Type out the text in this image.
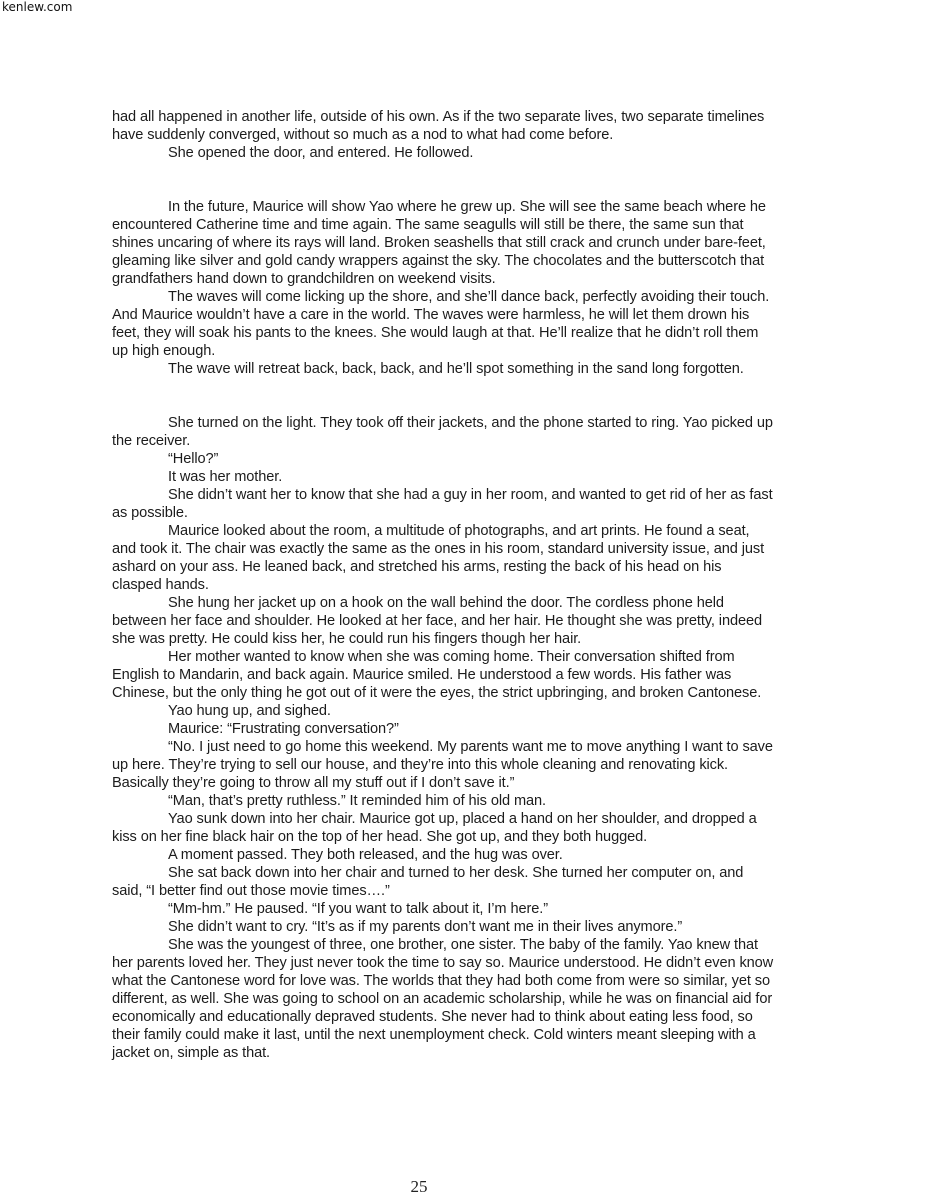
kenlew.com

had all happened in another life, outside of his own. As if the two separate lives, two separate timelines have suddenly converged, without so much as a nod to what had come before.

She opened the door, and entered. He followed.

In the future, Maurice will show Yao where he grew up. She will see the same beach where he encountered Catherine time and time again. The same seagulls will still be there, the same sun that shines uncaring of where its rays will land. Broken seashells that still crack and crunch under bare-feet, gleaming like silver and gold candy wrappers against the sky. The chocolates and the butterscotch that grandfathers hand down to grandchildren on weekend visits.

The waves will come licking up the shore, and she’ll dance back, perfectly avoiding their touch. And Maurice wouldn’t have a care in the world. The waves were harmless, he will let them drown his feet, they will soak his pants to the knees. She would laugh at that. He’ll realize that he didn’t roll them up high enough.

The wave will retreat back, back, back, and he’ll spot something in the sand long forgotten.

She turned on the light. They took off their jackets, and the phone started to ring. Yao picked up the receiver.

“Hello?”

It was her mother.

She didn’t want her to know that she had a guy in her room, and wanted to get rid of her as fast as possible.

Maurice looked about the room, a multitude of photographs, and art prints. He found a seat, and took it. The chair was exactly the same as the ones in his room, standard university issue, and just ashard on your ass. He leaned back, and stretched his arms, resting the back of his head on his clasped hands.

She hung her jacket up on a hook on the wall behind the door. The cordless phone held between her face and shoulder. He looked at her face, and her hair. He thought she was pretty, indeed she was pretty. He could kiss her, he could run his fingers though her hair.

Her mother wanted to know when she was coming home. Their conversation shifted from English to Mandarin, and back again. Maurice smiled. He understood a few words. His father was Chinese, but the only thing he got out of it were the eyes, the strict upbringing, and broken Cantonese.

Yao hung up, and sighed.

Maurice: “Frustrating conversation?”

“No. I just need to go home this weekend. My parents want me to move anything I want to save up here. They’re trying to sell our house, and they’re into this whole cleaning and renovating kick. Basically they’re going to throw all my stuff out if I don’t save it.”

“Man, that’s pretty ruthless.” It reminded him of his old man.

Yao sunk down into her chair. Maurice got up, placed a hand on her shoulder, and dropped a kiss on her fine black hair on the top of her head. She got up, and they both hugged.

A moment passed. They both released, and the hug was over.

She sat back down into her chair and turned to her desk. She turned her computer on, and said, “I better find out those movie times….”

“Mm-hm.” He paused. “If you want to talk about it, I’m here.”

She didn’t want to cry. “It’s as if my parents don’t want me in their lives anymore.”

She was the youngest of three, one brother, one sister. The baby of the family. Yao knew that her parents loved her. They just never took the time to say so. Maurice understood. He didn’t even know what the Cantonese word for love was. The worlds that they had both come from were so similar, yet so different, as well. She was going to school on an academic scholarship, while he was on financial aid for economically and educationally depraved students. She never had to think about eating less food, so their family could make it last, until the next unemployment check. Cold winters meant sleeping with a jacket on, simple as that.

25
